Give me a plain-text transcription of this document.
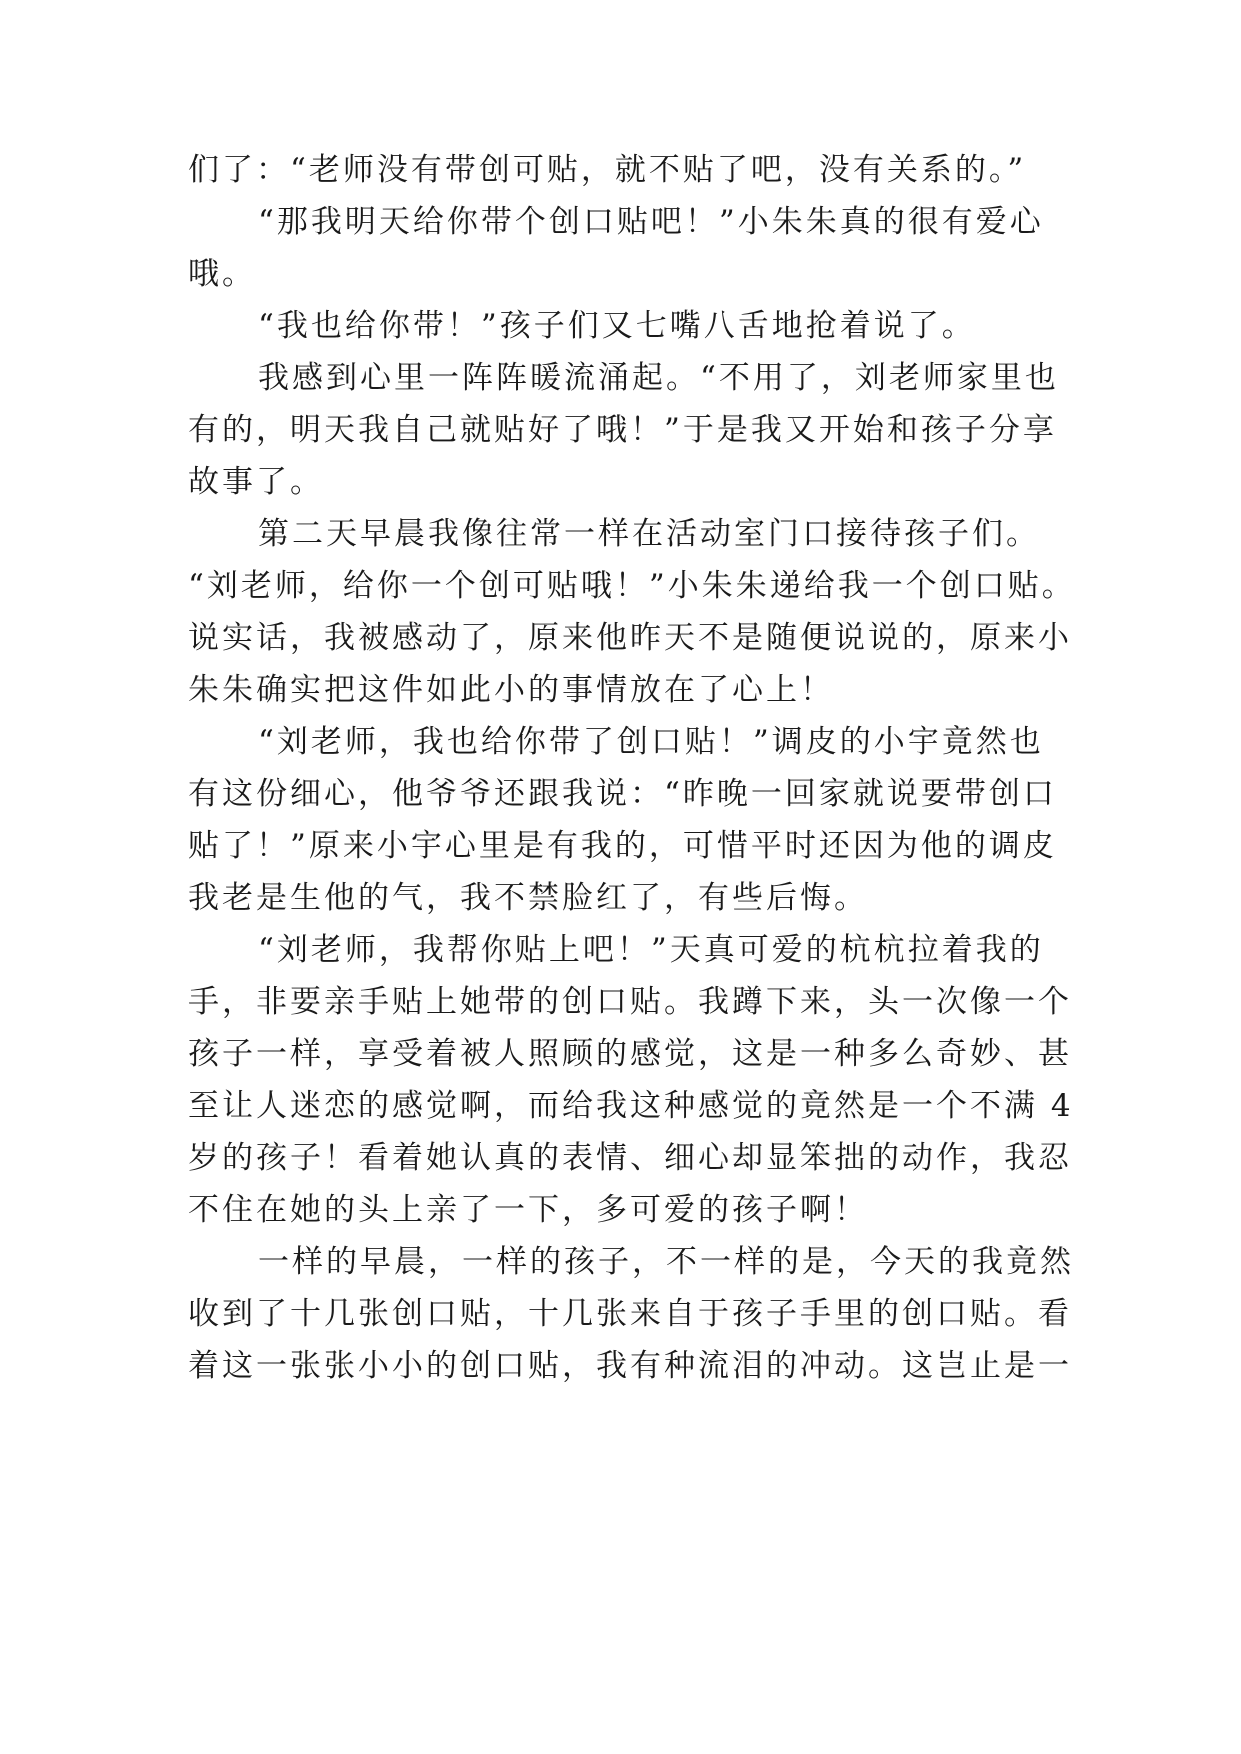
们了：“老师没有带创可贴，就不贴了吧，没有关系的。”
“那我明天给你带个创口贴吧！”小朱朱真的很有爱心
哦。
“我也给你带！”孩子们又七嘴八舌地抢着说了。
我感到心里一阵阵暖流涌起。“不用了，刘老师家里也
有的，明天我自己就贴好了哦！”于是我又开始和孩子分享
故事了。
第二天早晨我像往常一样在活动室门口接待孩子们。
“刘老师，给你一个创可贴哦！”小朱朱递给我一个创口贴。
说实话，我被感动了，原来他昨天不是随便说说的，原来小
朱朱确实把这件如此小的事情放在了心上！
“刘老师，我也给你带了创口贴！”调皮的小宇竟然也
有这份细心，他爷爷还跟我说：“昨晚一回家就说要带创口
贴了！”原来小宇心里是有我的，可惜平时还因为他的调皮
我老是生他的气，我不禁脸红了，有些后悔。
“刘老师，我帮你贴上吧！”天真可爱的杭杭拉着我的
手，非要亲手贴上她带的创口贴。我蹲下来，头一次像一个
孩子一样，享受着被人照顾的感觉，这是一种多么奇妙、甚
至让人迷恋的感觉啊，而给我这种感觉的竟然是一个不满 4
岁的孩子！看着她认真的表情、细心却显笨拙的动作，我忍
不住在她的头上亲了一下，多可爱的孩子啊！
一样的早晨，一样的孩子，不一样的是，今天的我竟然
收到了十几张创口贴，十几张来自于孩子手里的创口贴。看
着这一张张小小的创口贴，我有种流泪的冲动。这岂止是一
